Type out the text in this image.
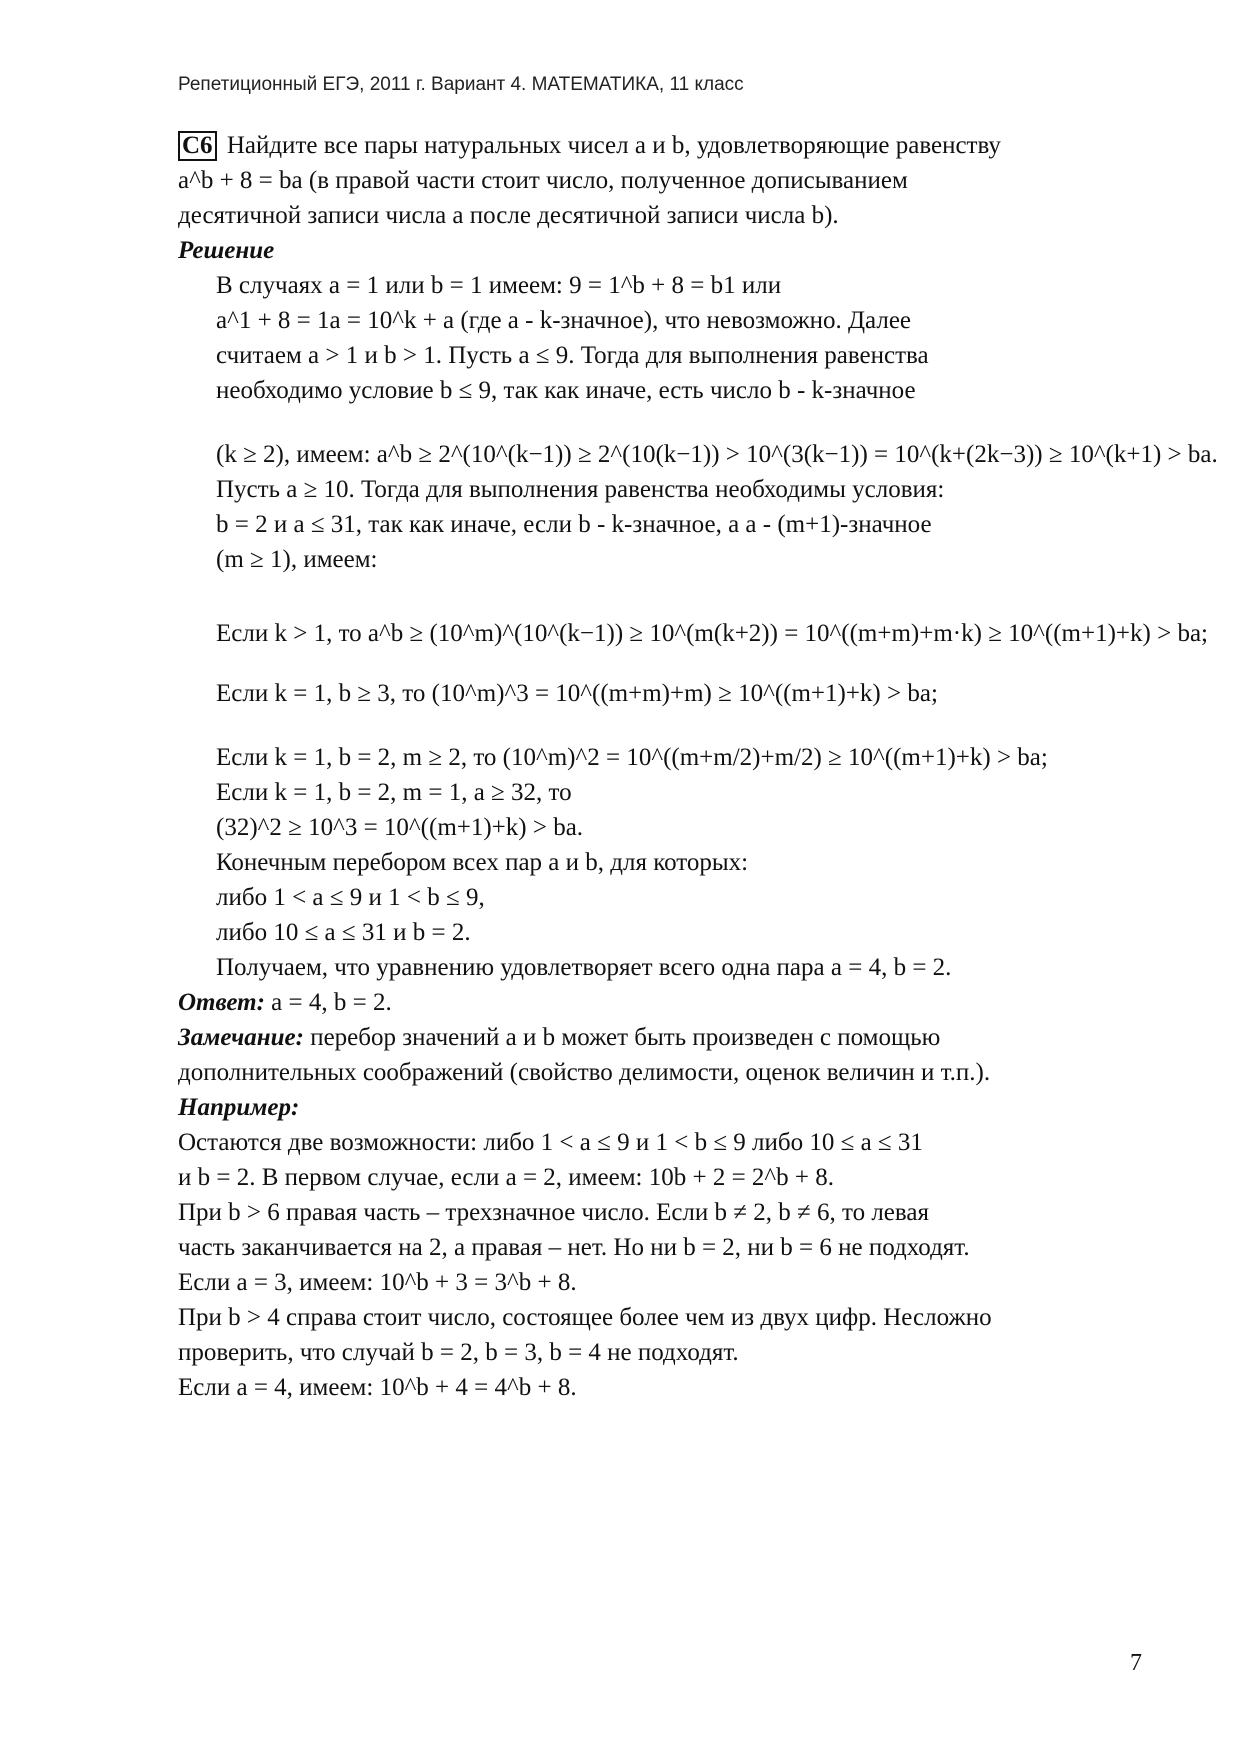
Репетиционный ЕГЭ, 2011 г. Вариант 4. МАТЕМАТИКА, 11 класс
С6 Найдите все пары натуральных чисел a и b, удовлетворяющие равенству
a^b + 8 = ba (в правой части стоит число, полученное дописыванием
десятичной записи числа a после десятичной записи числа b).
Решение
В случаях a = 1 или b = 1 имеем: 9 = 1^b + 8 = b1 или
a^1 + 8 = 1a = 10^k + a (где a - k-значное), что невозможно. Далее
считаем a > 1 и b > 1. Пусть a ≤ 9. Тогда для выполнения равенства
необходимо условие b ≤ 9, так как иначе, есть число b - k-значное
(k ≥ 2), имеем: a^b ≥ 2^(10^(k−1)) ≥ 2^(10(k−1)) > 10^(3(k−1)) = 10^(k+(2k−3)) ≥ 10^(k+1) > ba.
Пусть a ≥ 10. Тогда для выполнения равенства необходимы условия:
b = 2 и a ≤ 31, так как иначе, если b - k-значное, а a - (m+1)-значное
(m ≥ 1), имеем:
Если k > 1, то a^b ≥ (10^m)^(10^(k−1)) ≥ 10^(m(k+2)) = 10^((m+m)+m·k) ≥ 10^((m+1)+k) > ba;
Если k = 1, b ≥ 3, то (10^m)^3 = 10^((m+m)+m) ≥ 10^((m+1)+k) > ba;
Если k = 1, b = 2, m ≥ 2, то (10^m)^2 = 10^((m+m/2)+m/2) ≥ 10^((m+1)+k) > ba;
Если k = 1, b = 2, m = 1, a ≥ 32, то
(32)^2 ≥ 10^3 = 10^((m+1)+k) > ba.
Конечным перебором всех пар a и b, для которых:
либо 1 < a ≤ 9 и 1 < b ≤ 9,
либо 10 ≤ a ≤ 31 и b = 2.
Получаем, что уравнению удовлетворяет всего одна пара a = 4, b = 2.
Ответ: a = 4, b = 2.
Замечание: перебор значений a и b может быть произведен с помощью
дополнительных соображений (свойство делимости, оценок величин и т.п.).
Например:
Остаются две возможности: либо 1 < a ≤ 9 и 1 < b ≤ 9 либо 10 ≤ a ≤ 31
и b = 2. В первом случае, если a = 2, имеем: 10b + 2 = 2^b + 8.
При b > 6 правая часть – трехзначное число. Если b ≠ 2, b ≠ 6, то левая
часть заканчивается на 2, а правая – нет. Но ни b = 2, ни b = 6 не подходят.
Если a = 3, имеем: 10^b + 3 = 3^b + 8.
При b > 4 справа стоит число, состоящее более чем из двух цифр. Несложно
проверить, что случай b = 2, b = 3, b = 4 не подходят.
Если a = 4, имеем: 10^b + 4 = 4^b + 8.
7
